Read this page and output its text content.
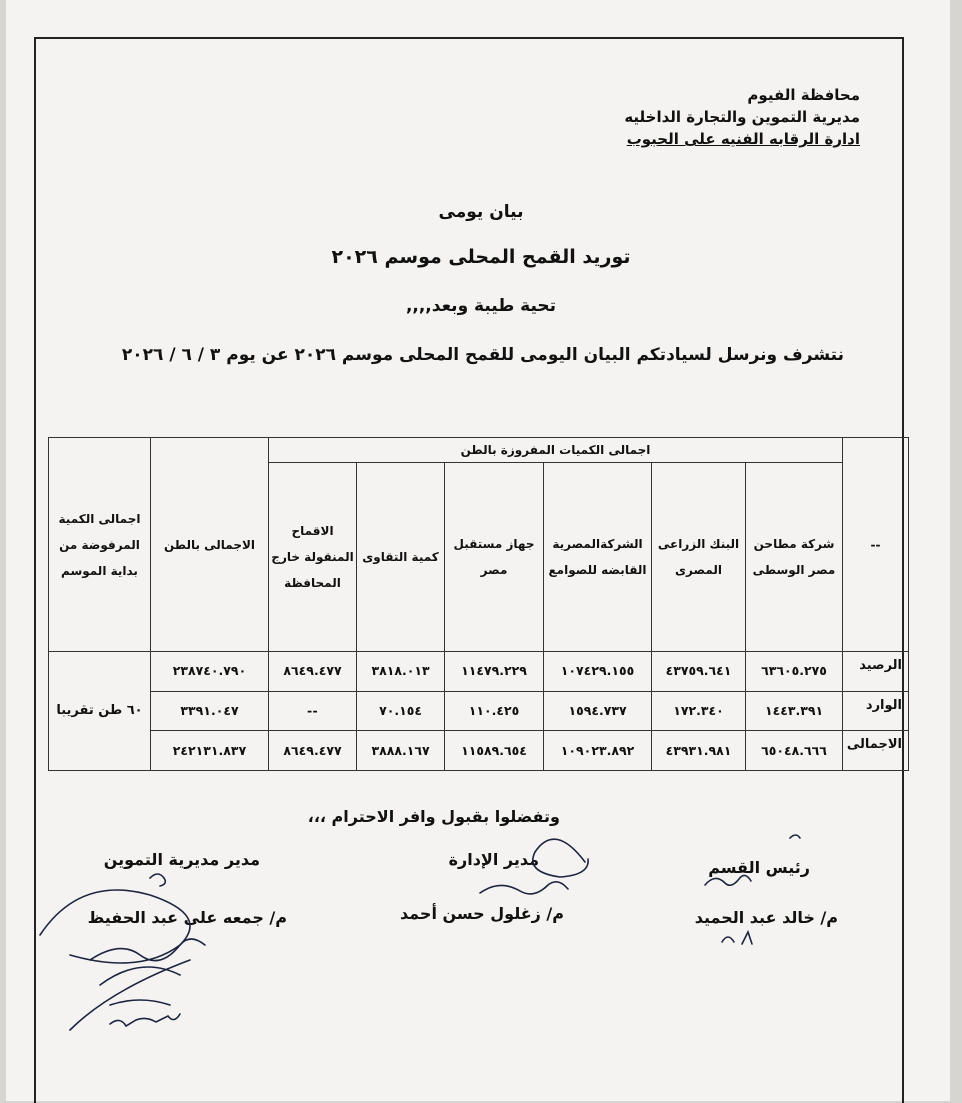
محافظة الفيوم
مديرية التموين والتجارة الداخليه
ادارة الرقابه الفنيه على الحبوب
بيان يومى
توريد القمح المحلى موسم ٢٠٢٦
تحية طيبة وبعد,,,,
نتشرف ونرسل لسيادتكم البيان اليومى للقمح المحلى موسم ٢٠٢٦ عن يوم ٣ / ٦ / ٢٠٢٦
--	اجمالى الكميات المفروزة بالطن						الاجمالى بالطن	اجمالى الكمية المرفوضة من بداية الموسم
	شركة مطاحن مصر الوسطى	البنك الزراعى المصرى	الشركةالمصرية القابضه للصوامع	جهاز مستقبل مصر	كمية التقاوى	الاقماح المنقولة خارج المحافظة		
الرصيد	٦٣٦٠٥.٢٧٥	٤٣٧٥٩.٦٤١	١٠٧٤٢٩.١٥٥	١١٤٧٩.٢٢٩	٣٨١٨.٠١٣	٨٦٤٩.٤٧٧	٢٣٨٧٤٠.٧٩٠	٦٠ طن تقريبا
الوارد	١٤٤٣.٣٩١	١٧٢.٣٤٠	١٥٩٤.٧٣٧	١١٠.٤٢٥	٧٠.١٥٤	--	٣٣٩١.٠٤٧	
الاجمالى	٦٥٠٤٨.٦٦٦	٤٣٩٣١.٩٨١	١٠٩٠٢٣.٨٩٢	١١٥٨٩.٦٥٤	٣٨٨٨.١٦٧	٨٦٤٩.٤٧٧	٢٤٢١٣١.٨٣٧	
وتفضلوا بقبول وافر الاحترام ،،،
رئيس القسم
م/ خالد عبد الحميد
مدير الإدارة
م/ زغلول حسن أحمد
مدير مديرية التموين
م/ جمعه على عبد الحفيظ
